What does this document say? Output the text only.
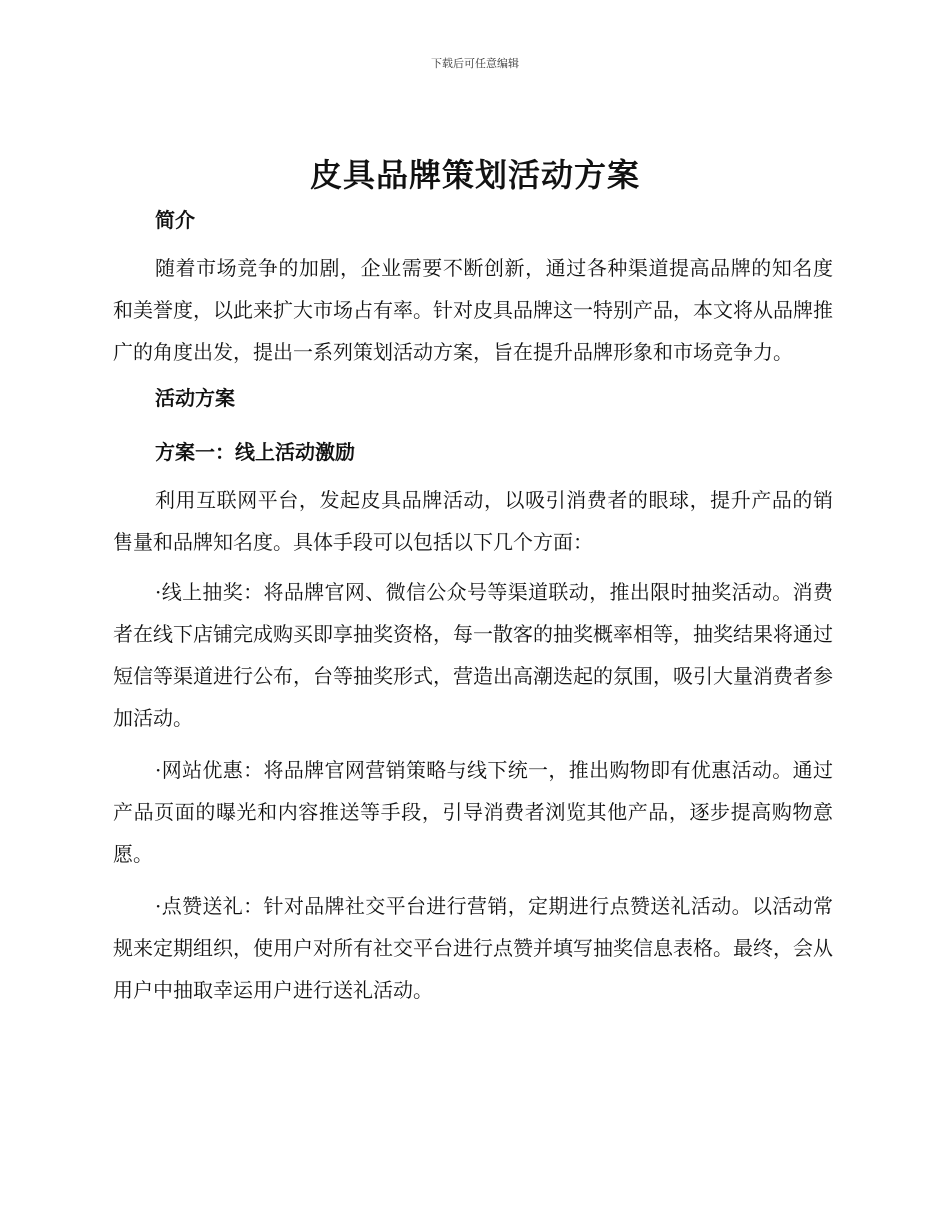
下载后可任意编辑
皮具品牌策划活动方案
简介

随着市场竞争的加剧，企业需要不断创新，通过各种渠道提高品牌的知名度和美誉度，以此来扩大市场占有率。针对皮具品牌这一特别产品，本文将从品牌推广的角度出发，提出一系列策划活动方案，旨在提升品牌形象和市场竞争力。

活动方案
方案一：线上活动激励

利用互联网平台，发起皮具品牌活动，以吸引消费者的眼球，提升产品的销售量和品牌知名度。具体手段可以包括以下几个方面：

·线上抽奖：将品牌官网、微信公众号等渠道联动，推出限时抽奖活动。消费者在线下店铺完成购买即享抽奖资格，每一散客的抽奖概率相等，抽奖结果将通过短信等渠道进行公布，台等抽奖形式，营造出高潮迭起的氛围，吸引大量消费者参加活动。

·网站优惠：将品牌官网营销策略与线下统一，推出购物即有优惠活动。通过产品页面的曝光和内容推送等手段，引导消费者浏览其他产品，逐步提高购物意愿。

·点赞送礼：针对品牌社交平台进行营销，定期进行点赞送礼活动。以活动常规来定期组织，使用户对所有社交平台进行点赞并填写抽奖信息表格。最终，会从用户中抽取幸运用户进行送礼活动。
